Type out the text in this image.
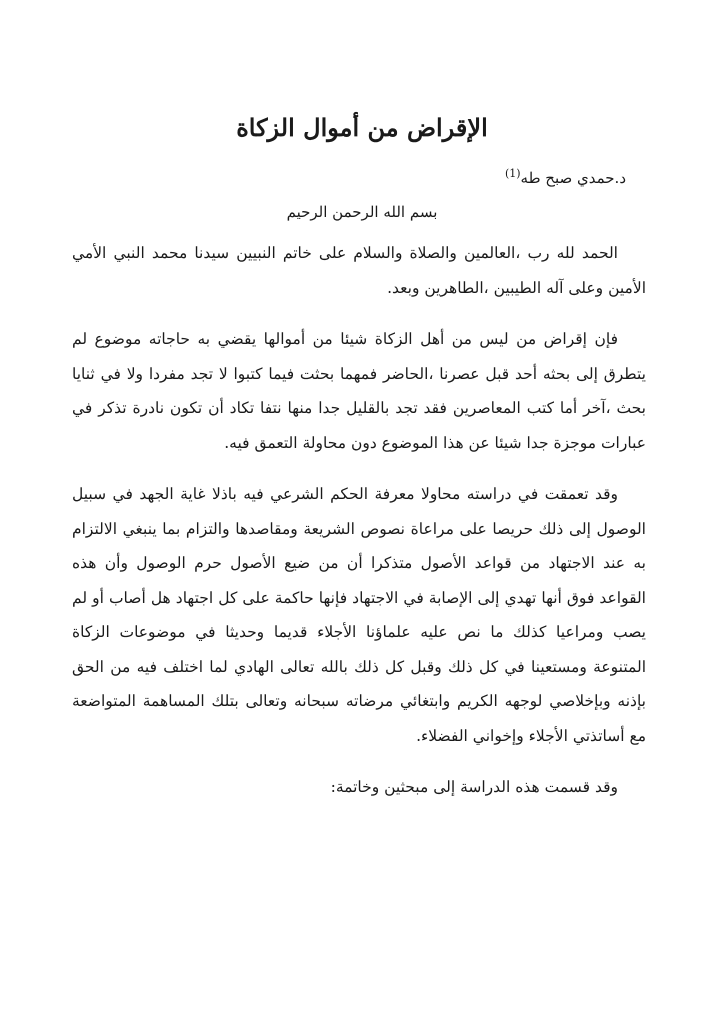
الإقراض من أموال الزكاة

د.حمدي صبح طه$^{(1)}$

بسم الله الرحمن الرحيم

الحمد لله رب ،العالمين والصلاة والسلام على خاتم النبيين سيدنا محمد النبي الأمي الأمين وعلى آله الطيبين ،الطاهرين وبعد.

فإن إقراض من ليس من أهل الزكاة شيئا من أموالها يقضي به حاجاته موضوع لم يتطرق إلى بحثه أحد قبل عصرنا ،الحاضر فمهما بحثت فيما كتبوا لا تجد مفردا ولا في ثنايا بحث ،آخر أما كتب المعاصرين فقد تجد بالقليل جدا منها نتفا تكاد أن تكون نادرة تذكر في عبارات موجزة جدا شيئا عن هذا الموضوع دون محاولة التعمق فيه.

وقد تعمقت في دراسته محاولا معرفة الحكم الشرعي فيه باذلا غاية الجهد في سبيل الوصول إلى ذلك حريصا على مراعاة نصوص الشريعة ومقاصدها والتزام بما ينبغي الالتزام به عند الاجتهاد من قواعد الأصول متذكرا أن من ضيع الأصول حرم الوصول وأن هذه القواعد فوق أنها تهدي إلى الإصابة في الاجتهاد فإنها حاكمة على كل اجتهاد هل أصاب أو لم يصب ومراعيا كذلك ما نص عليه علماؤنا الأجلاء قديما وحديثا في موضوعات الزكاة المتنوعة ومستعينا في كل ذلك وقبل كل ذلك بالله تعالى الهادي لما اختلف فيه من الحق بإذنه وبإخلاصي لوجهه الكريم وابتغائي مرضاته سبحانه وتعالى بتلك المساهمة المتواضعة مع أساتذتي الأجلاء وإخواني الفضلاء.

وقد قسمت هذه الدراسة إلى مبحثين وخاتمة:
